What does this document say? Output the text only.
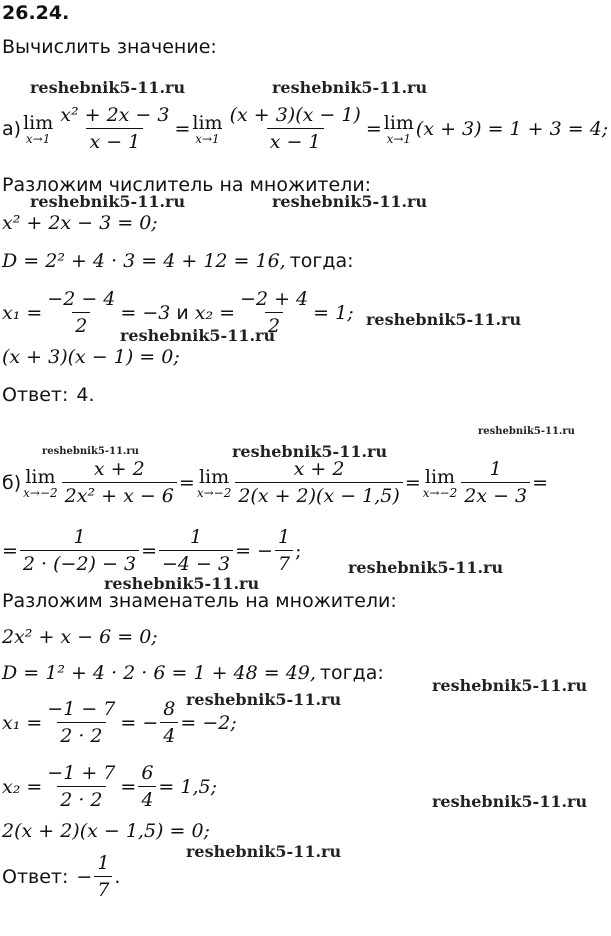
26.24.
Вычислить значение:
reshebnik5-11.ru	reshebnik5-11.ru
reshebnik5-11.ru	reshebnik5-11.ru
reshebnik5-11.ru
reshebnik5-11.ru
reshebnik5-11.ru	reshebnik5-11.ru
reshebnik5-11.ru
reshebnik5-11.ru
reshebnik5-11.ru
reshebnik5-11.ru
reshebnik5-11.ru
reshebnik5-11.ru
reshebnik5-11.ru
а) lim
$x\to 1 \frac{\text{x² + 2x − 3}}{x - 1} = \lim$
$x\to 1 \frac{(x + 3)(x - 1)}{x - 1} = \lim$
x→1 (x + 3) = 1 + 3 = 4;
Разложим числитель на множители:
x² + 2x − 3 = 0;
D = 2² + 4 · 3 = 4 + 12 = 16, тогда:
$x_1 = \frac{-2 - 4}{2} = -3$ и $x_2 = \frac{-2 + 4}{2} = 1$;
(x + 3)(x − 1) = 0;
Ответ: 4.
б) lim
$x\to-2 \frac{x + 2}{\text{2x² + x − 6}} = \lim$
$x\to-2 \frac{x + 2}{2(x + 2)(x - 1,5)} = \lim$
$x\to-2 \frac{1}{2x - 3}$ =
= $\frac{1}{2 \cdot (-2) - 3} = \frac{1}{-4 - 3}$ = − $\frac{1}{7}$ ;
Разложим знаменатель на множители:
2x² + x − 6 = 0;
D = 1² + 4 · 2 · 6 = 1 + 48 = 49, тогда:
$x_1 = \frac{-1 - 7}{2 \cdot 2}$ = − $\frac{8}{4} = -2$;
$x_2 = \frac{-1 + 7}{2 \cdot 2} = \frac{6}{4} = 1,5$;
2(x + 2)(x − 1,5) = 0;
Ответ: − $\frac{1}{7}$ .
